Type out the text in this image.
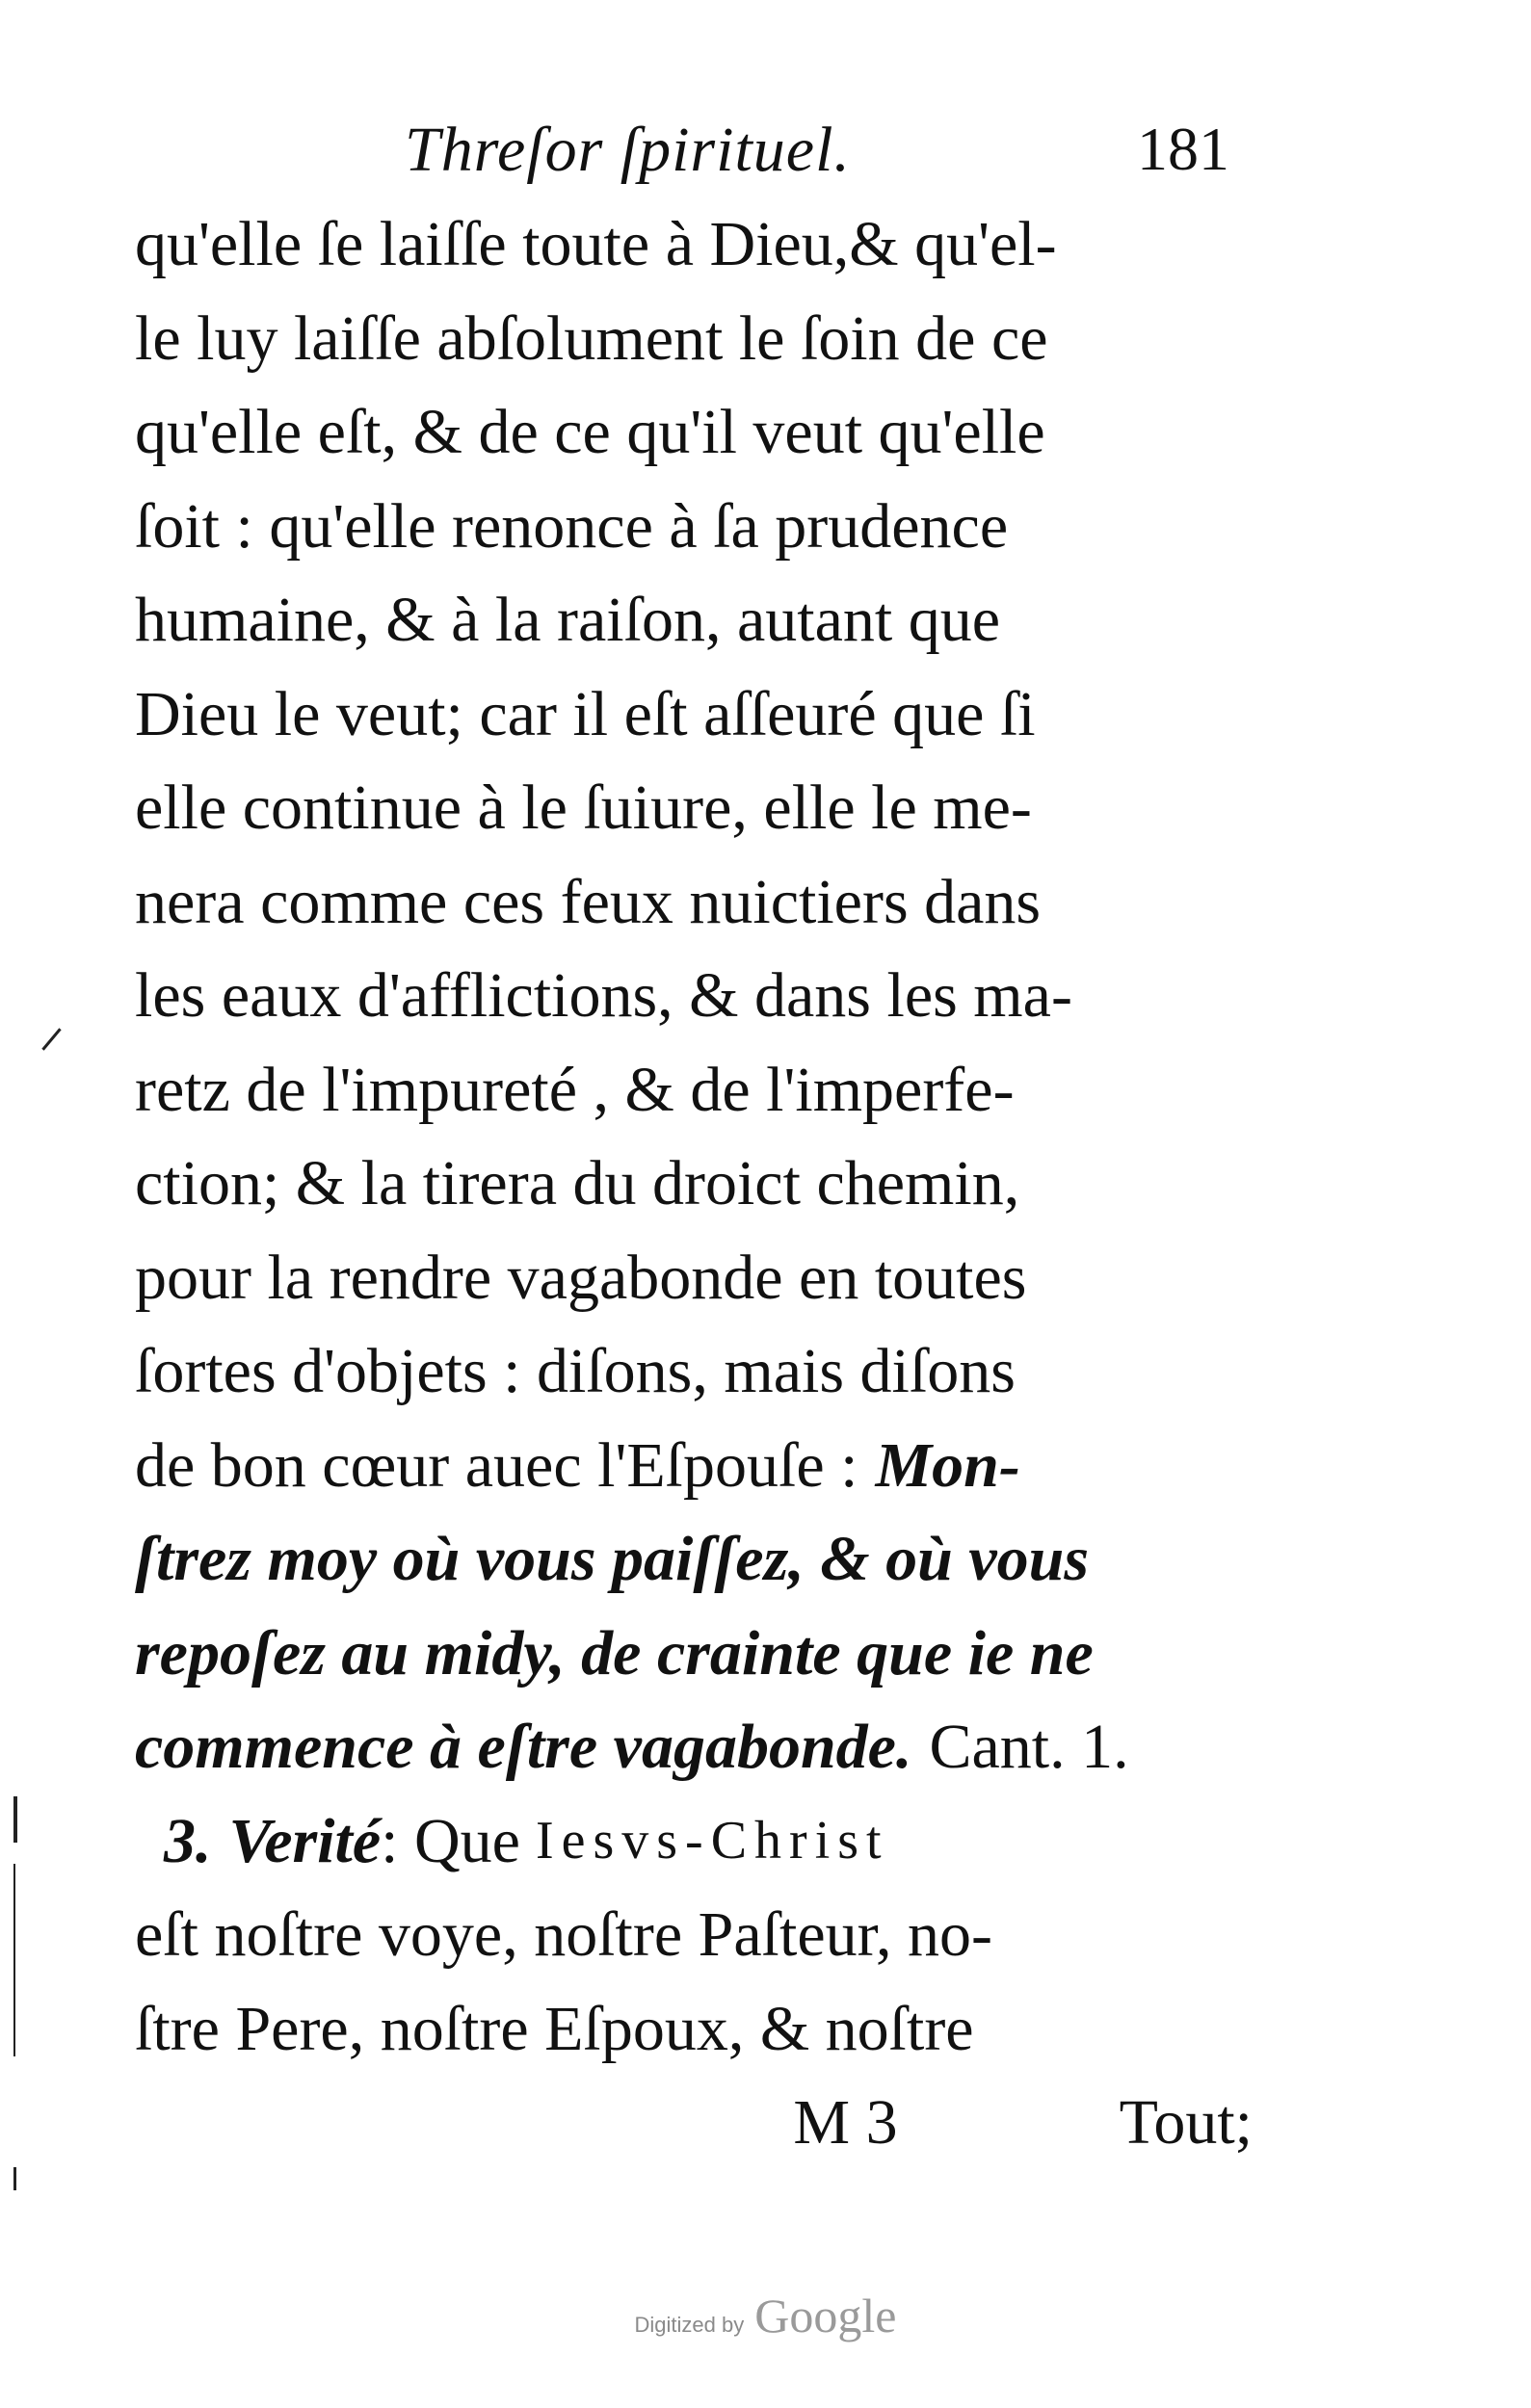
Threſor ſpirituel.	181
qu'elle ſe laiſſe toute à Dieu,& qu'el-
le luy laiſſe abſolument le ſoin de ce
qu'elle eſt, & de ce qu'il veut qu'elle
ſoit : qu'elle renonce à ſa prudence
humaine, & à la raiſon, autant que
Dieu le veut; car il eſt aſſeuré que ſi
elle continue à le ſuiure, elle le me-
nera comme ces feux nuictiers dans
les eaux d'afflictions, & dans les ma-
retz de l'impureté , & de l'imperfe-
ction; & la tirera du droict chemin,
pour la rendre vagabonde en toutes
ſortes d'objets : diſons, mais diſons
de bon cœur auec l'Eſpouſe : Mon-
ſtrez moy où vous paiſſez, & où vous
repoſez au midy, de crainte que ie ne
commence à eſtre vagabonde. Cant. 1.
3. Verité : Que Iesvs-Christ
eſt noſtre voye, noſtre Paſteur, no-
ſtre Pere, noſtre Eſpoux, & noſtre
M 3	Tout;
Digitized by Google
